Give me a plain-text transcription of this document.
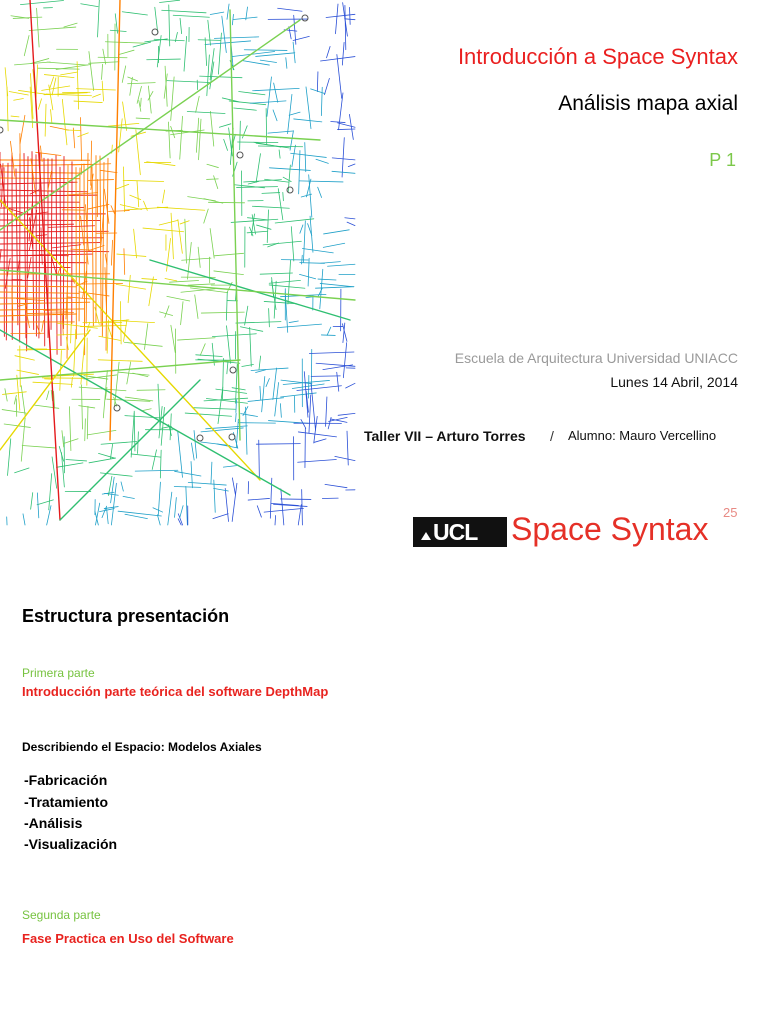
Introducción a Space Syntax
Análisis mapa axial
P 1
Escuela de Arquitectura Universidad UNIACC
Lunes 14 Abril, 2014
Taller VII – Arturo Torres / Alumno: Mauro Vercellino
UCL Space Syntax 25
Estructura presentación
Primera parte
Introducción parte teórica del software DepthMap
Describiendo el Espacio: Modelos Axiales
-Fabricación
-Tratamiento
-Análisis
-Visualización
Segunda parte
Fase Practica en Uso del Software
